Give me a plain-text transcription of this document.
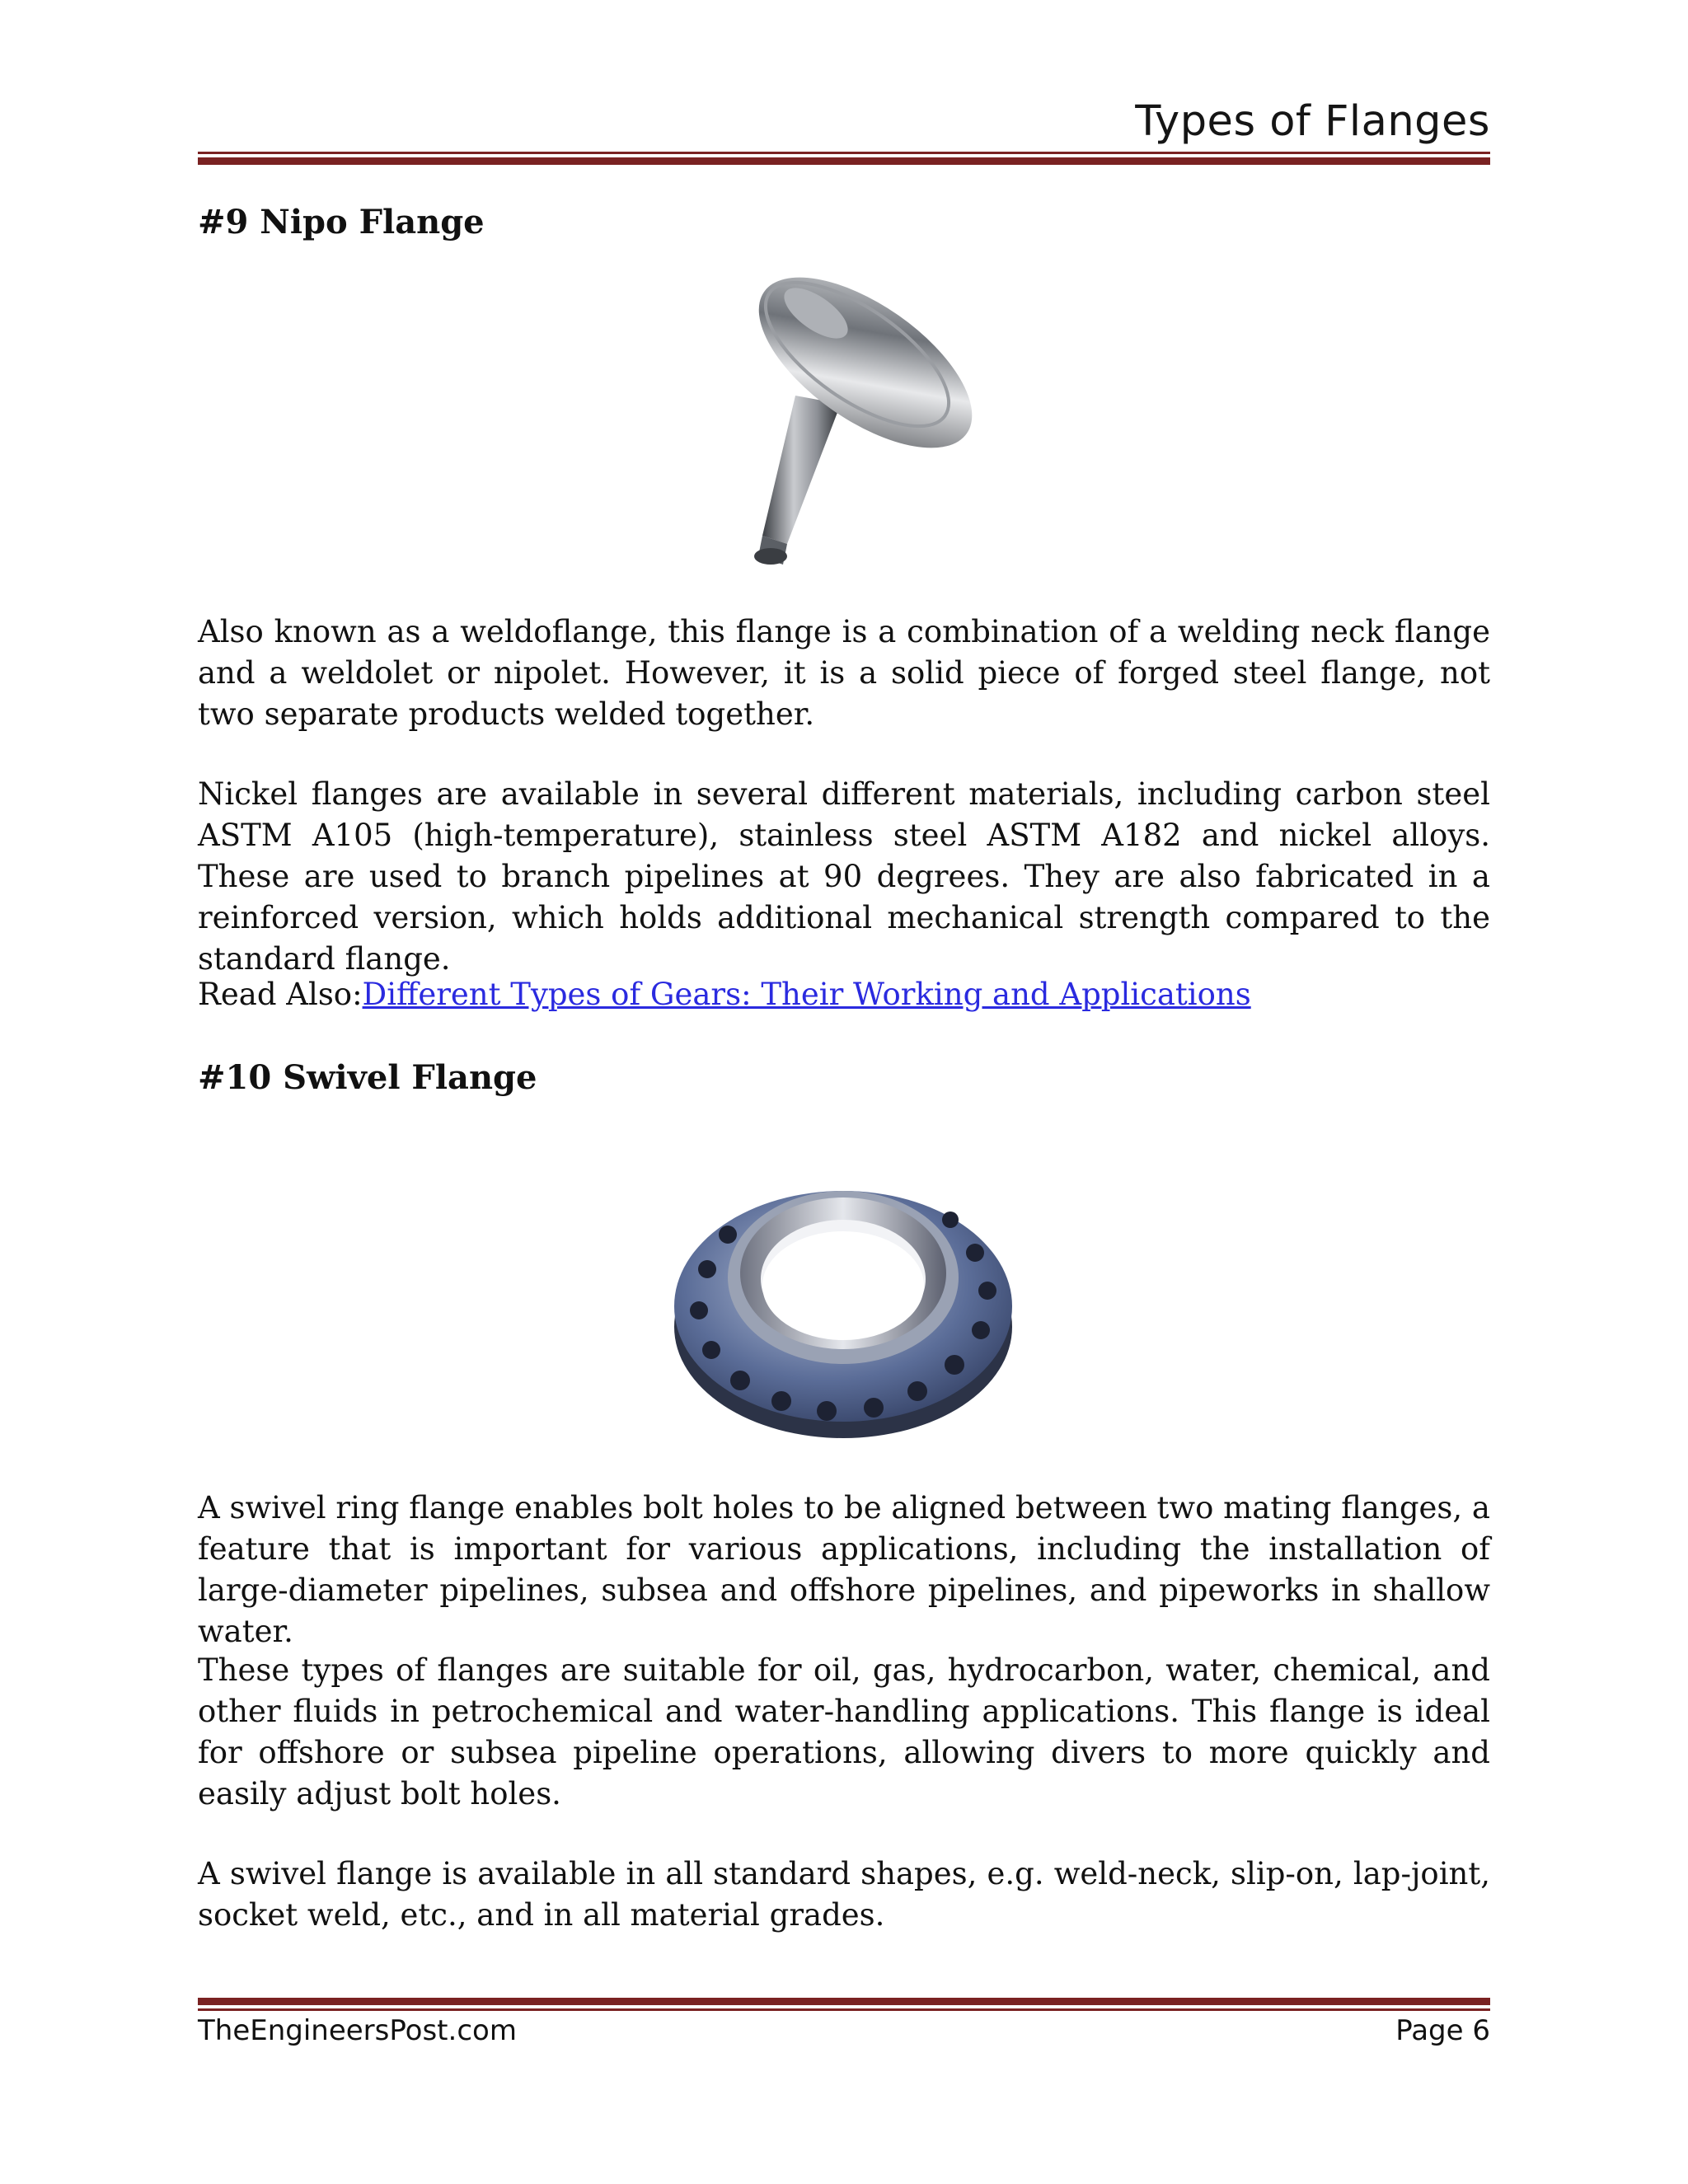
Types of Flanges
#9 Nipo Flange
Also known as a weldoflange, this flange is a combination of a welding neck flange and a weldolet or nipolet. However, it is a solid piece of forged steel flange, not two separate products welded together.
Nickel flanges are available in several different materials, including carbon steel ASTM A105 (high-temperature), stainless steel ASTM A182 and nickel alloys. These are used to branch pipelines at 90 degrees. They are also fabricated in a reinforced version, which holds additional mechanical strength compared to the standard flange.
Read Also:Different Types of Gears: Their Working and Applications
#10 Swivel Flange
A swivel ring flange enables bolt holes to be aligned between two mating flanges, a feature that is important for various applications, including the installation of large-diameter pipelines, subsea and offshore pipelines, and pipeworks in shallow water.
These types of flanges are suitable for oil, gas, hydrocarbon, water, chemical, and other fluids in petrochemical and water-handling applications. This flange is ideal for offshore or subsea pipeline operations, allowing divers to more quickly and easily adjust bolt holes.
A swivel flange is available in all standard shapes, e.g. weld-neck, slip-on, lap-joint, socket weld, etc., and in all material grades.
TheEngineersPost.com	Page 6
